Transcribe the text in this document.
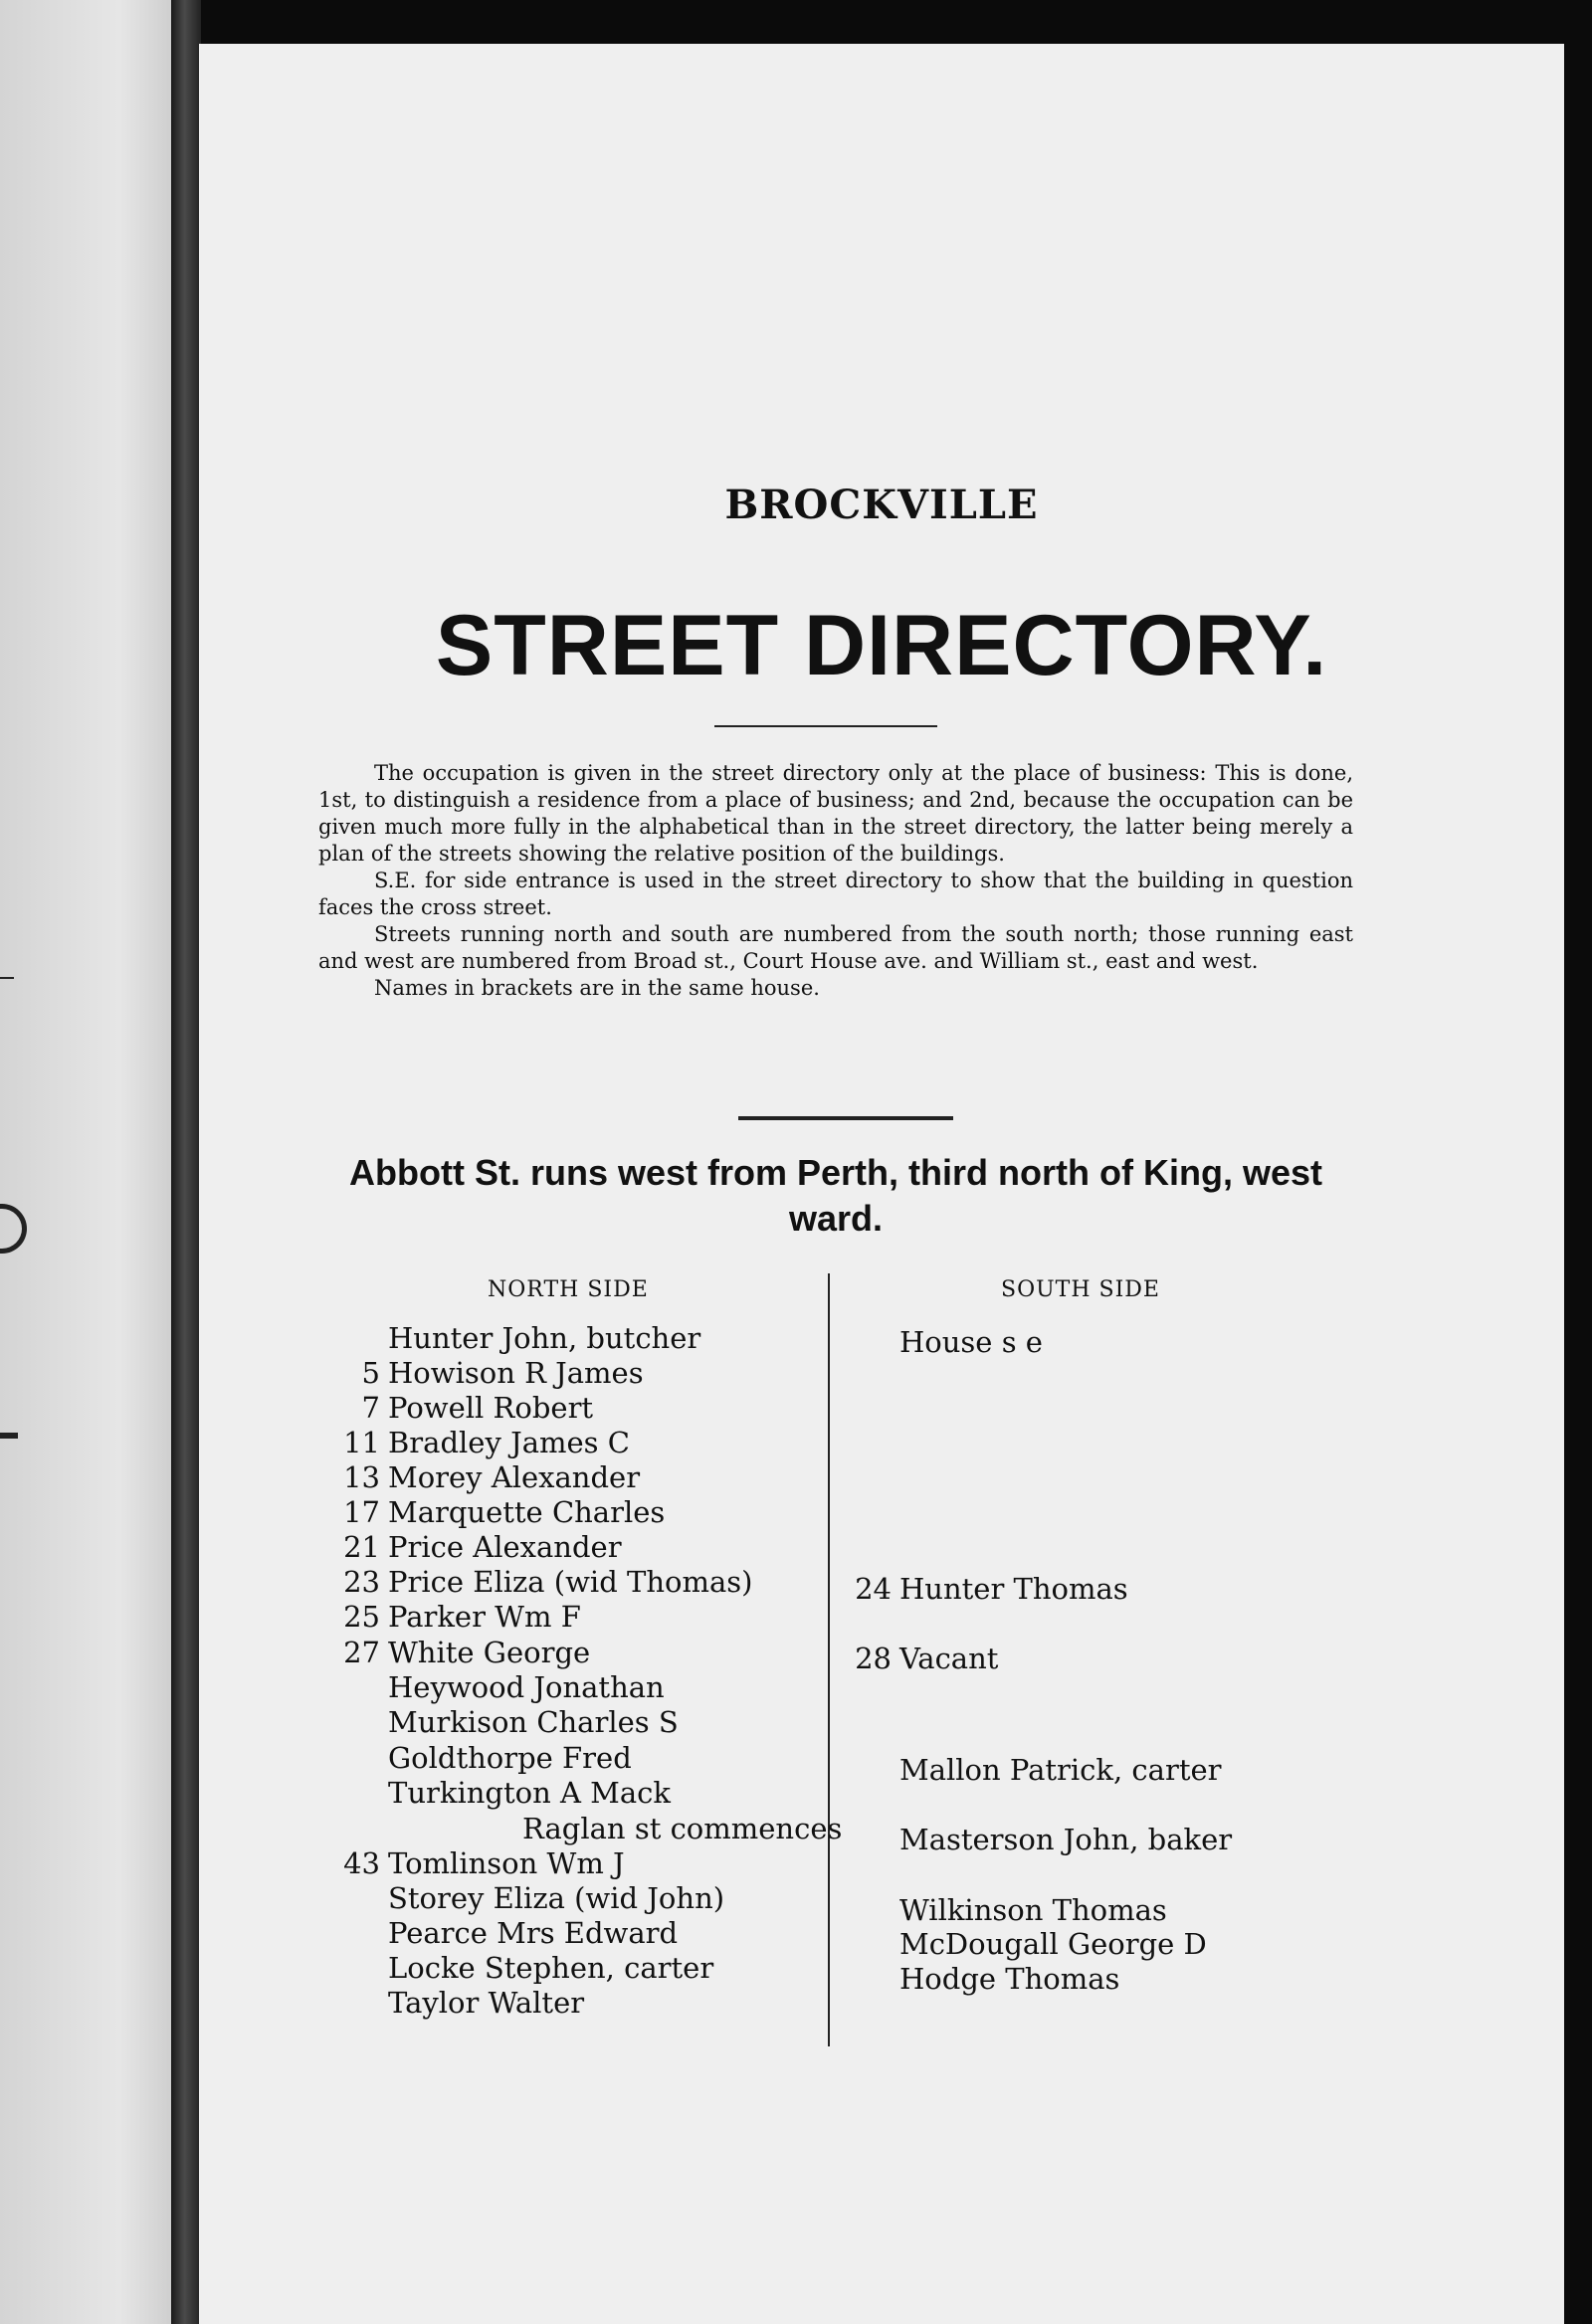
BROCKVILLE
STREET DIRECTORY.

The occupation is given in the street directory only at the place of business: This is done, 1st, to distinguish a residence from a place of business; and 2nd, because the occupation can be given much more fully in the alphabetical than in the street directory, the latter being merely a plan of the streets showing the relative position of the buildings.

S.E. for side entrance is used in the street directory to show that the building in question faces the cross street.

Streets running north and south are numbered from the south north; those running east and west are numbered from Broad st., Court House ave. and William st., east and west.

Names in brackets are in the same house.

Abbott St. runs west from Perth, third north of King, west ward.
NORTH SIDE	SOUTH SIDE
Hunter John, butcher
5 Howison R James
7 Powell Robert
11 Bradley James C
13 Morey Alexander
17 Marquette Charles
21 Price Alexander
23 Price Eliza (wid Thomas)
25 Parker Wm F
27 White George
Heywood Jonathan
Murkison Charles S
Goldthorpe Fred
Turkington A Mack
Raglan st commences
43 Tomlinson Wm J
Storey Eliza (wid John)
Pearce Mrs Edward
Locke Stephen, carter
Taylor Walter
House s e
24 Hunter Thomas
28 Vacant
Mallon Patrick, carter
Masterson John, baker
Wilkinson Thomas
McDougall George D
Hodge Thomas
